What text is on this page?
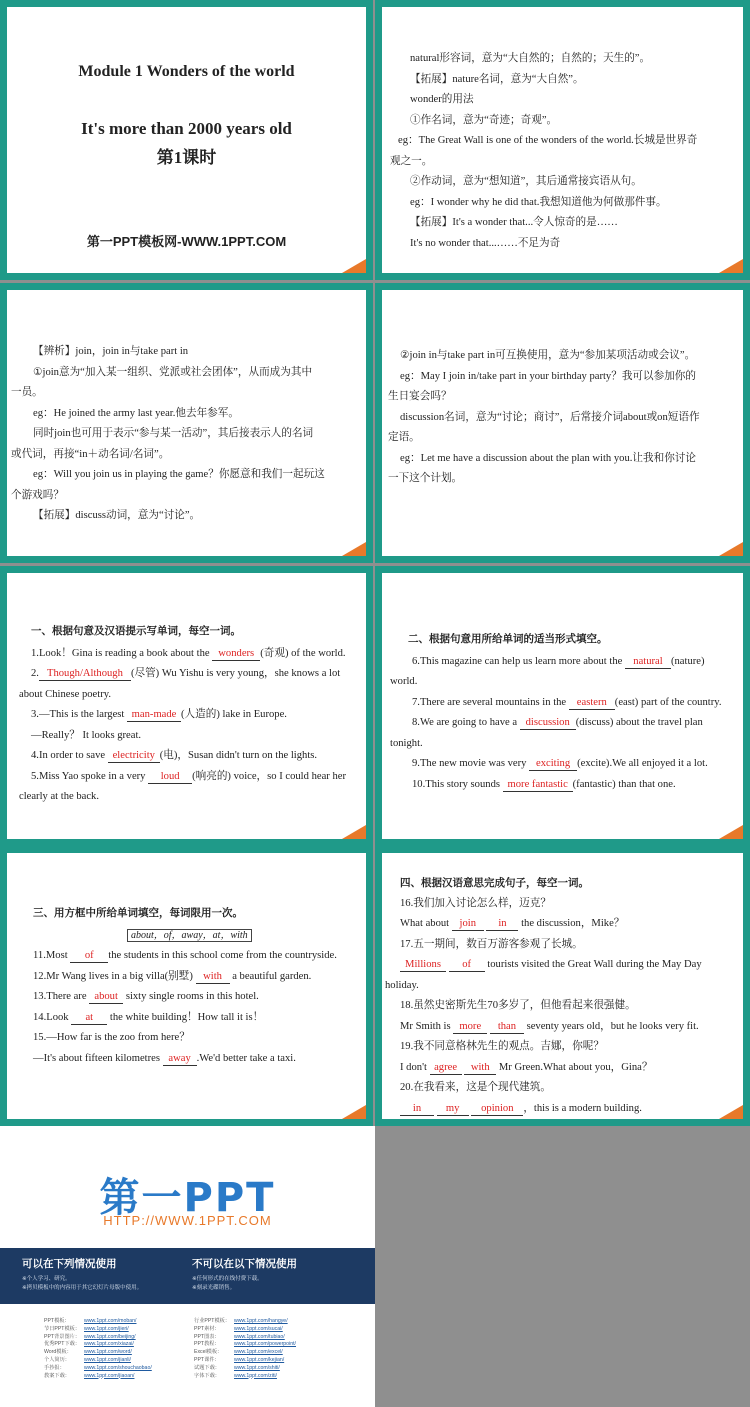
Module 1 Wonders of the world
It's more than 2000 years old
第1课时
第一PPT模板网-WWW.1PPT.COM
natural形容词，意为“大自然的；自然的；天生的”。
【拓展】nature名词，意为“大自然”。
wonder的用法
①作名词，意为“奇迹；奇观”。
eg：The Great Wall is one of the wonders of the world.长城是世界奇
观之一。
②作动词，意为“想知道”，其后通常接宾语从句。
eg：I wonder why he did that.我想知道他为何做那件事。
【拓展】It's a wonder that...令人惊奇的是……
It's no wonder that...……不足为奇
【辨析】join，join in与take part in
①join意为“加入某一组织、党派或社会团体”，从而成为其中
一员。
eg：He joined the army last year.他去年参军。
同时join也可用于表示“参与某一活动”，其后接表示人的名词
或代词，再接“in＋动名词/名词”。
eg：Will you join us in playing the game？你愿意和我们一起玩这
个游戏吗？
【拓展】discuss动词，意为“讨论”。
②join in与take part in可互换使用，意为“参加某项活动或会议”。
eg：May I join in/take part in your birthday party？我可以参加你的
生日宴会吗？
discussion名词，意为“讨论；商讨”，后常接介词about或on短语作
定语。
eg：Let me have a discussion about the plan with you.让我和你讨论
一下这个计划。
一、根据句意及汉语提示写单词，每空一词。
1.Look！Gina is reading a book about the wonders (奇观) of the world.
2. Though/Although (尽管) Wu Yishu is very young，she knows a lot
about Chinese poetry.
3.—This is the largest man-made (人造的) lake in Europe.
—Really？ It looks great.
4.In order to save electricity (电)，Susan didn't turn on the lights.
5.Miss Yao spoke in a very loud (响亮的) voice，so I could hear her
clearly at the back.
二、根据句意用所给单词的适当形式填空。
6.This magazine can help us learn more about the natural (nature)
world.
7.There are several mountains in the eastern (east) part of the country.
8.We are going to have a discussion (discuss) about the travel plan
tonight.
9.The new movie was very exciting (excite).We all enjoyed it a lot.
10.This story sounds more fantastic (fantastic) than that one.
三、用方框中所给单词填空，每词限用一次。
about，of，away，at，with
11.Most of the students in this school come from the countryside.
12.Mr Wang lives in a big villa(别墅) with a beautiful garden.
13.There are about sixty single rooms in this hotel.
14.Look at the white building！How tall it is！
15.—How far is the zoo from here？
—It's about fifteen kilometres away .We'd better take a taxi.
四、根据汉语意思完成句子，每空一词。
16.我们加入讨论怎么样，迈克？
What about join in the discussion，Mike？
17.五一期间，数百万游客参观了长城。
Millions of tourists visited the Great Wall during the May Day
holiday.
18.虽然史密斯先生70多岁了，但他看起来很强健。
Mr Smith is more than seventy years old，but he looks very fit.
19.我不同意格林先生的观点。吉娜，你呢？
I don't agree with Mr Green.What about you，Gina？
20.在我看来，这是个现代建筑。
in my opinion ，this is a modern building.
第一PPT
HTTP://WWW.1PPT.COM
可以在下列情况使用
※个人学习、研究。
※拷贝模板中的内容用于其它幻灯片母版中使用。
不可以在以下情况使用
※任何形式的在线付费下载。
※刻录光碟销售。
PPT模板：	www.1ppt.com/moban/
节日PPT模板： www.1ppt.com/jieri/
PPT背景图片： www.1ppt.com/beijing/
优秀PPT下载： www.1ppt.com/xiazai/
Word模板： www.1ppt.com/word/
个人简历：	www.1ppt.com/jianli/
手抄报：	www.1ppt.com/shouchaobao/
教案下载：	www.1ppt.com/jiaoan/
行业PPT模板： www.1ppt.com/hangye/
PPT素材：	www.1ppt.com/sucai/
PPT图表：	www.1ppt.com/tubiao/
PPT教程：	www.1ppt.com/powerpoint/
Excel模板： www.1ppt.com/excel/
PPT课件：	www.1ppt.com/kejian/
试题下载：	www.1ppt.com/shiti/
字体下载：	www.1ppt.com/ziti/
